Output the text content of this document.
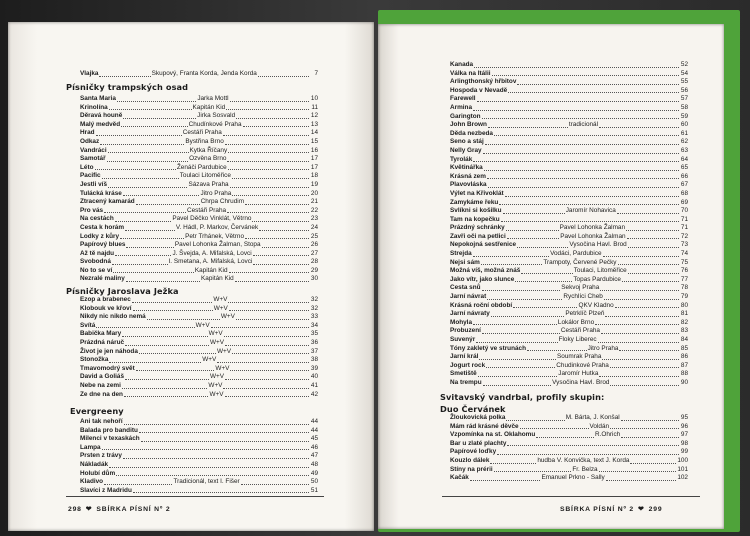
Vlajka	Skupový, Franta Korda, Jenda Korda	7
Písničky trampských osad
Santa Maria	Jarka Mottl	10
Krinolína	Kapitán Kid	11
Děravá houně	Jirka Sosvald	12
Malý medvěd	Chudínkové Praha	13
Hrad	Cestáři Praha	14
Odkaz	Bystřina Brno	15
Vandráci	Kytka Říčany	16
Samotář	Ozvěna Brno	17
Léto	Ženáči Pardubice	17
Pacific	Toulaci Litoměřice	18
Jestli víš	Sázava Praha	19
Tulácká kráse	Jitro Praha	20
Ztracený kamarád	Chrpa Chrudim	21
Pro vás	Cestáři Praha	22
Na cestách	Pavel Děčko Vinklát, Větrno	23
Cesta k horám	V. Hádl, P. Markov, Červánek	24
Lodky z kůry	Petr Trhánek, Větrno	25
Papírový blues	Pavel Lohonka Žalman, Stopa	26
Až tě najdu	J. Švejda, A. Mifalská, Lovci	27
Svobodná	I. Smetana, A. Mifalská, Lovci	28
No to se ví	Kapitán Kid	29
Nezralé maliny	Kapitán Kid	30
Písničky Jaroslava Ježka
Ezop a brabenec	W+V	32
Klobouk ve křoví	W+V	32
Nikdy nic nikdo nemá	W+V	33
Svítá	W+V	34
Babička Mary	W+V	35
Prázdná náruč	W+V	36
Život je jen náhoda	W+V	37
Stonožka	W+V	38
Tmavomodrý svět	W+V	39
David a Goliáš	W+V	40
Nebe na zemi	W+V	41
Ze dne na den	W+V	42
Evergreeny
Ani tak nehoří	44
Balada pro banditu	44
Milenci v texaskách	45
Lampa	46
Prsten z trávy	47
Nákladák	48
Holubí dům	49
Kladivo	Tradicionál, text I. Fišer	50
Slavíci z Madridu	51
298 ❤ SBÍRKA PÍSNÍ Nº 2
Kanada	52
Válka na Itálii	54
Arlingthonský hřbitov	55
Hospoda v Nevadě	56
Farewell	57
Armina	58
Garington	59
John Brown	tradicionál	60
Děda nezbeda	61
Seno a stáj	62
Nelly Gray	63
Tyrolák	64
Květinářka	65
Krásná zem	66
Plavovláska	67
Výlet na Křivoklát	68
Zamykáme řeku	69
Svlíkni si košilku	Jaromír Nohavica	70
Tam na kopečku	71
Prázdný schránky	Pavel Lohonka Žalman	71
Zavři oči na petlici	Pavel Lohonka Žalman	72
Nepokojná sestřenice	Vysočina Havl. Brod	73
Strejda	Vodáci, Pardubice	74
Nejsi sám	Trampoty, Červené Pečky	75
Možná víš, možná znáš	Toulaci, Litoměřice	76
Jako vítr, jako slunce	Topas Pardubice	77
Cesta snů	Sekvoj Praha	78
Jarní návrat	Rychlíci Cheb	79
Krásná roční období	QKV Kladno	80
Jarní návraty	Petrklíč Plzeň	81
Mohyla	Lokálor Brno	82
Probuzení	Cestáři Praha	83
Suvenýr	Floky Liberec	84
Tóny zakletý ve strunách	Jitro Praha	85
Jarní král	Soumrak Praha	86
Jogurt rock	Chudinkové Praha	87
Smetiště	Jaromír Hutka	88
Na trempu	Vysočina Havl. Brod	90
Svitavský vandrbal, profily skupin:
Duo Červánek
Žloukovická polka	M. Bárta, J. Konšal	95
Mám rád krásné děvče	Voldán	96
Vzpomínka na st. Oklahomu	R.Ohrich	97
Bar u zlaté plachty	98
Papírové loďky	99
Kouzlo dálek	hudba V. Konvička, text J. Korda	100
Stíny na prérii	Fr. Belza	101
Kačák	Emanuel Prkno - Sally	102
SBÍRKA PÍSNÍ Nº 2 ❤ 299
